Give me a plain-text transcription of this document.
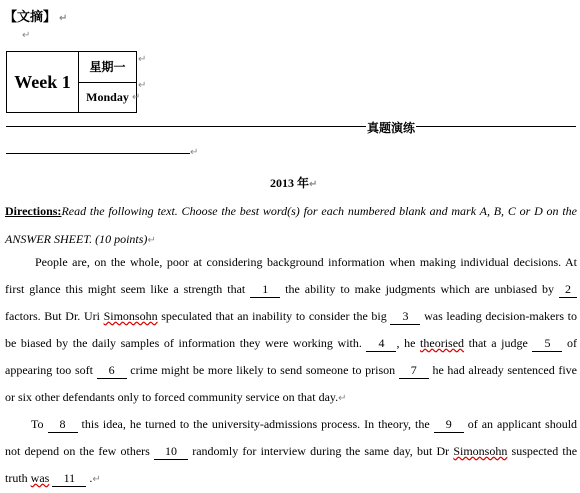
【文摘】 ↵
↵
Week 1	星期一
Monday
↵
↵
↵
真题演练
↵
2013 年↵

Directions:Read the following text. Choose the best word(s) for each numbered blank and mark A, B, C or D on the ANSWER SHEET. (10 points)↵

People are, on the whole, poor at considering background information when making individual decisions. At first glance this might seem like a strength that 1 the ability to make judgments which are unbiased by 2 factors. But Dr. Uri Simonsohn speculated that an inability to consider the big 3 was leading decision-makers to be biased by the daily samples of information they were working with. 4 , he theorised that a judge 5 of appearing too soft 6 crime might be more likely to send someone to prison 7 he had already sentenced five or six other defendants only to forced community service on that day.↵

To 8 this idea, he turned to the university-admissions process. In theory, the 9 of an applicant should not depend on the few others 10 randomly for interview during the same day, but Dr Simonsohn suspected the truth was 11 .↵
